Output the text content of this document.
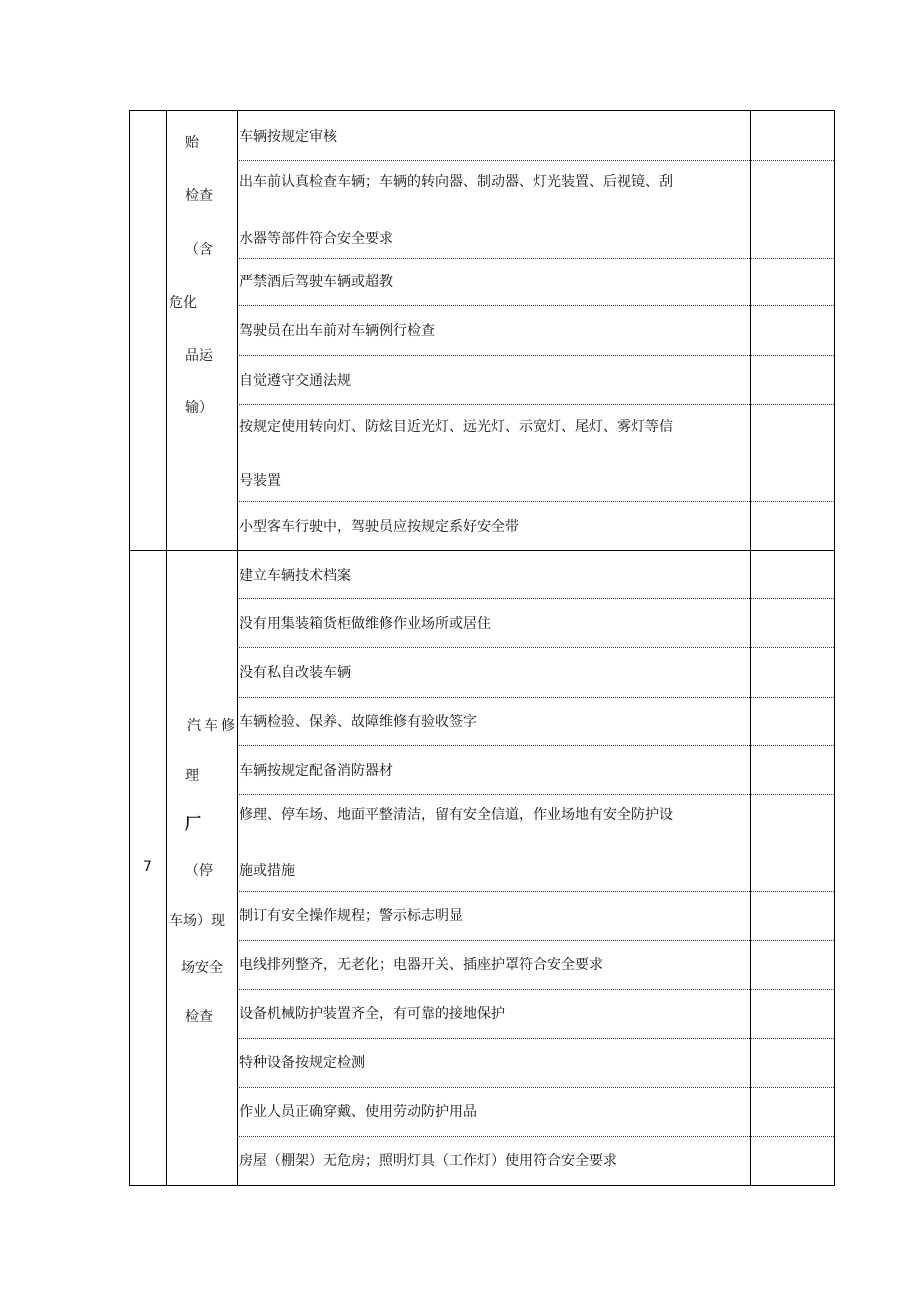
贻
检查
（含
危化
品运
输）
车辆按规定审核
出车前认真检查车辆；车辆的转向器、制动器、灯光装置、后视镜、刮
水器等部件符合安全要求
严禁酒后驾驶车辆或超教
驾驶员在出车前对车辆例行检查
自觉遵守交通法规
按规定使用转向灯、防炫目近光灯、远光灯、示宽灯、尾灯、雾灯等信
号装置
小型客车行驶中，驾驶员应按规定系好安全带
7
汽车修
理
厂
（停
车场）现
场安全
检查
建立车辆技术档案
没有用集装箱货柜做维修作业场所或居住
没有私自改装车辆
车辆检验、保养、故障维修有验收签字
车辆按规定配备消防器材
修理、停车场、地面平整清洁，留有安全信道，作业场地有安全防护设
施或措施
制订有安全操作规程；警示标志明显
电线排列整齐，无老化；电器开关、插座护罩符合安全要求
设备机械防护装置齐全，有可靠的接地保护
特种设备按规定检测
作业人员正确穿戴、使用劳动防护用品
房屋（棚架）无危房；照明灯具（工作灯）使用符合安全要求
